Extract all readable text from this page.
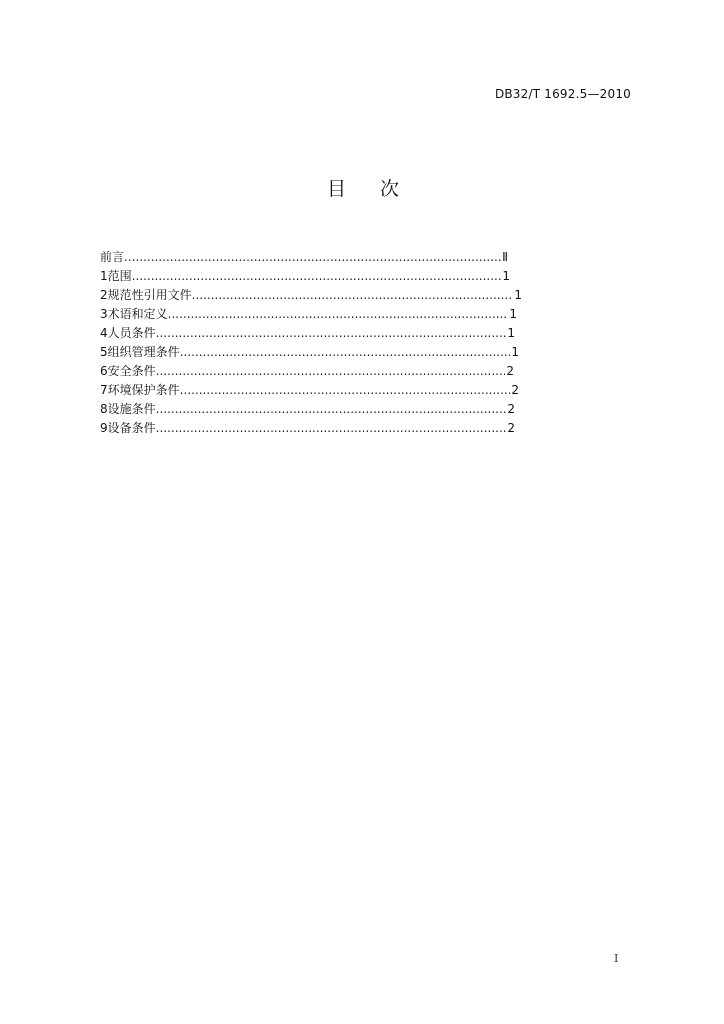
DB32/T 1692.5—2010
目 次
前言 .....	Ⅱ
1 范围 .....	1
2 规范性引用文件 .....	1
3 术语和定义 .....	1
4 人员条件 .....	1
5 组织管理条件 .....	1
6 安全条件 .....	2
7 环境保护条件 .....	2
8 设施条件 .....	2
9 设备条件 .....	2
I
